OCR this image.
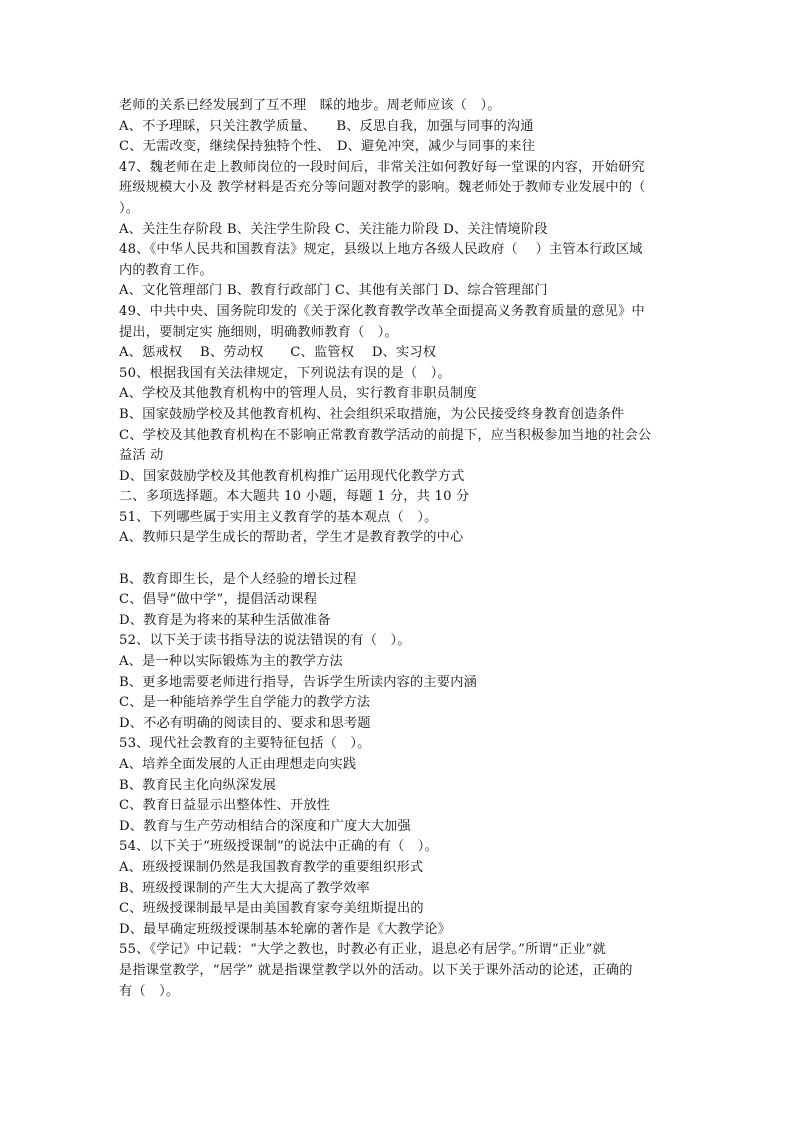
老师的关系已经发展到了互不理　睬的地步。周老师应该（　）。
A、不予理睬，只关注教学质量、　　B、反思自我，加强与同事的沟通
C、无需改变，继续保持独特个性、　D、避免冲突，减少与同事的来往
47、魏老师在走上教师岗位的一段时间后，非常关注如何教好每一堂课的内容，开始研究
班级规模大小及 教学材料是否充分等问题对教学的影响。魏老师处于教师专业发展中的（
）。
A、关注生存阶段 B、关注学生阶段 C、关注能力阶段 D、关注情境阶段
48、《中华人民共和国教育法》规定，县级以上地方各级人民政府（　 ）主管本行政区域
内的教育工作。
A、文化管理部门 B、教育行政部门 C、其他有关部门 D、综合管理部门
49、中共中央、国务院印发的《关于深化教育教学改革全面提高义务教育质量的意见》中
提出，要制定实 施细则，明确教师教育（　）。
A、惩戒权　 B、劳动权　　C、监管权　 D、实习权
50、根据我国有关法律规定，下列说法有误的是（　）。
A、学校及其他教育机构中的管理人员，实行教育非职员制度
B、国家鼓励学校及其他教育机构、社会组织采取措施，为公民接受终身教育创造条件
C、学校及其他教育机构在不影响正常教育教学活动的前提下，应当积极参加当地的社会公
益活 动
D、国家鼓励学校及其他教育机构推广运用现代化教学方式
二、多项选择题。本大题共 10 小题，每题 1 分，共 10 分
51、下列哪些属于实用主义教育学的基本观点（　）。
A、教师只是学生成长的帮助者，学生才是教育教学的中心
B、教育即生长，是个人经验的增长过程
C、倡导“做中学”，提倡活动课程
D、教育是为将来的某种生活做准备
52、以下关于读书指导法的说法错误的有（　）。
A、是一种以实际锻炼为主的教学方法
B、更多地需要老师进行指导，告诉学生所读内容的主要内涵
C、是一种能培养学生自学能力的教学方法
D、不必有明确的阅读目的、要求和思考题
53、现代社会教育的主要特征包括（　）。
A、培养全面发展的人正由理想走向实践
B、教育民主化向纵深发展
C、教育日益显示出整体性、开放性
D、教育与生产劳动相结合的深度和广度大大加强
54、以下关于“班级授课制”的说法中正确的有（　）。
A、班级授课制仍然是我国教育教学的重要组织形式
B、班级授课制的产生大大提高了教学效率
C、班级授课制最早是由美国教育家夸美纽斯提出的
D、最早确定班级授课制基本轮廓的著作是《大教学论》
55、《学记》中记载：“大学之教也，时教必有正业，退息必有居学。”所谓“正业”就
是指课堂教学，“居学” 就是指课堂教学以外的活动。以下关于课外活动的论述，正确的
有（　）。
